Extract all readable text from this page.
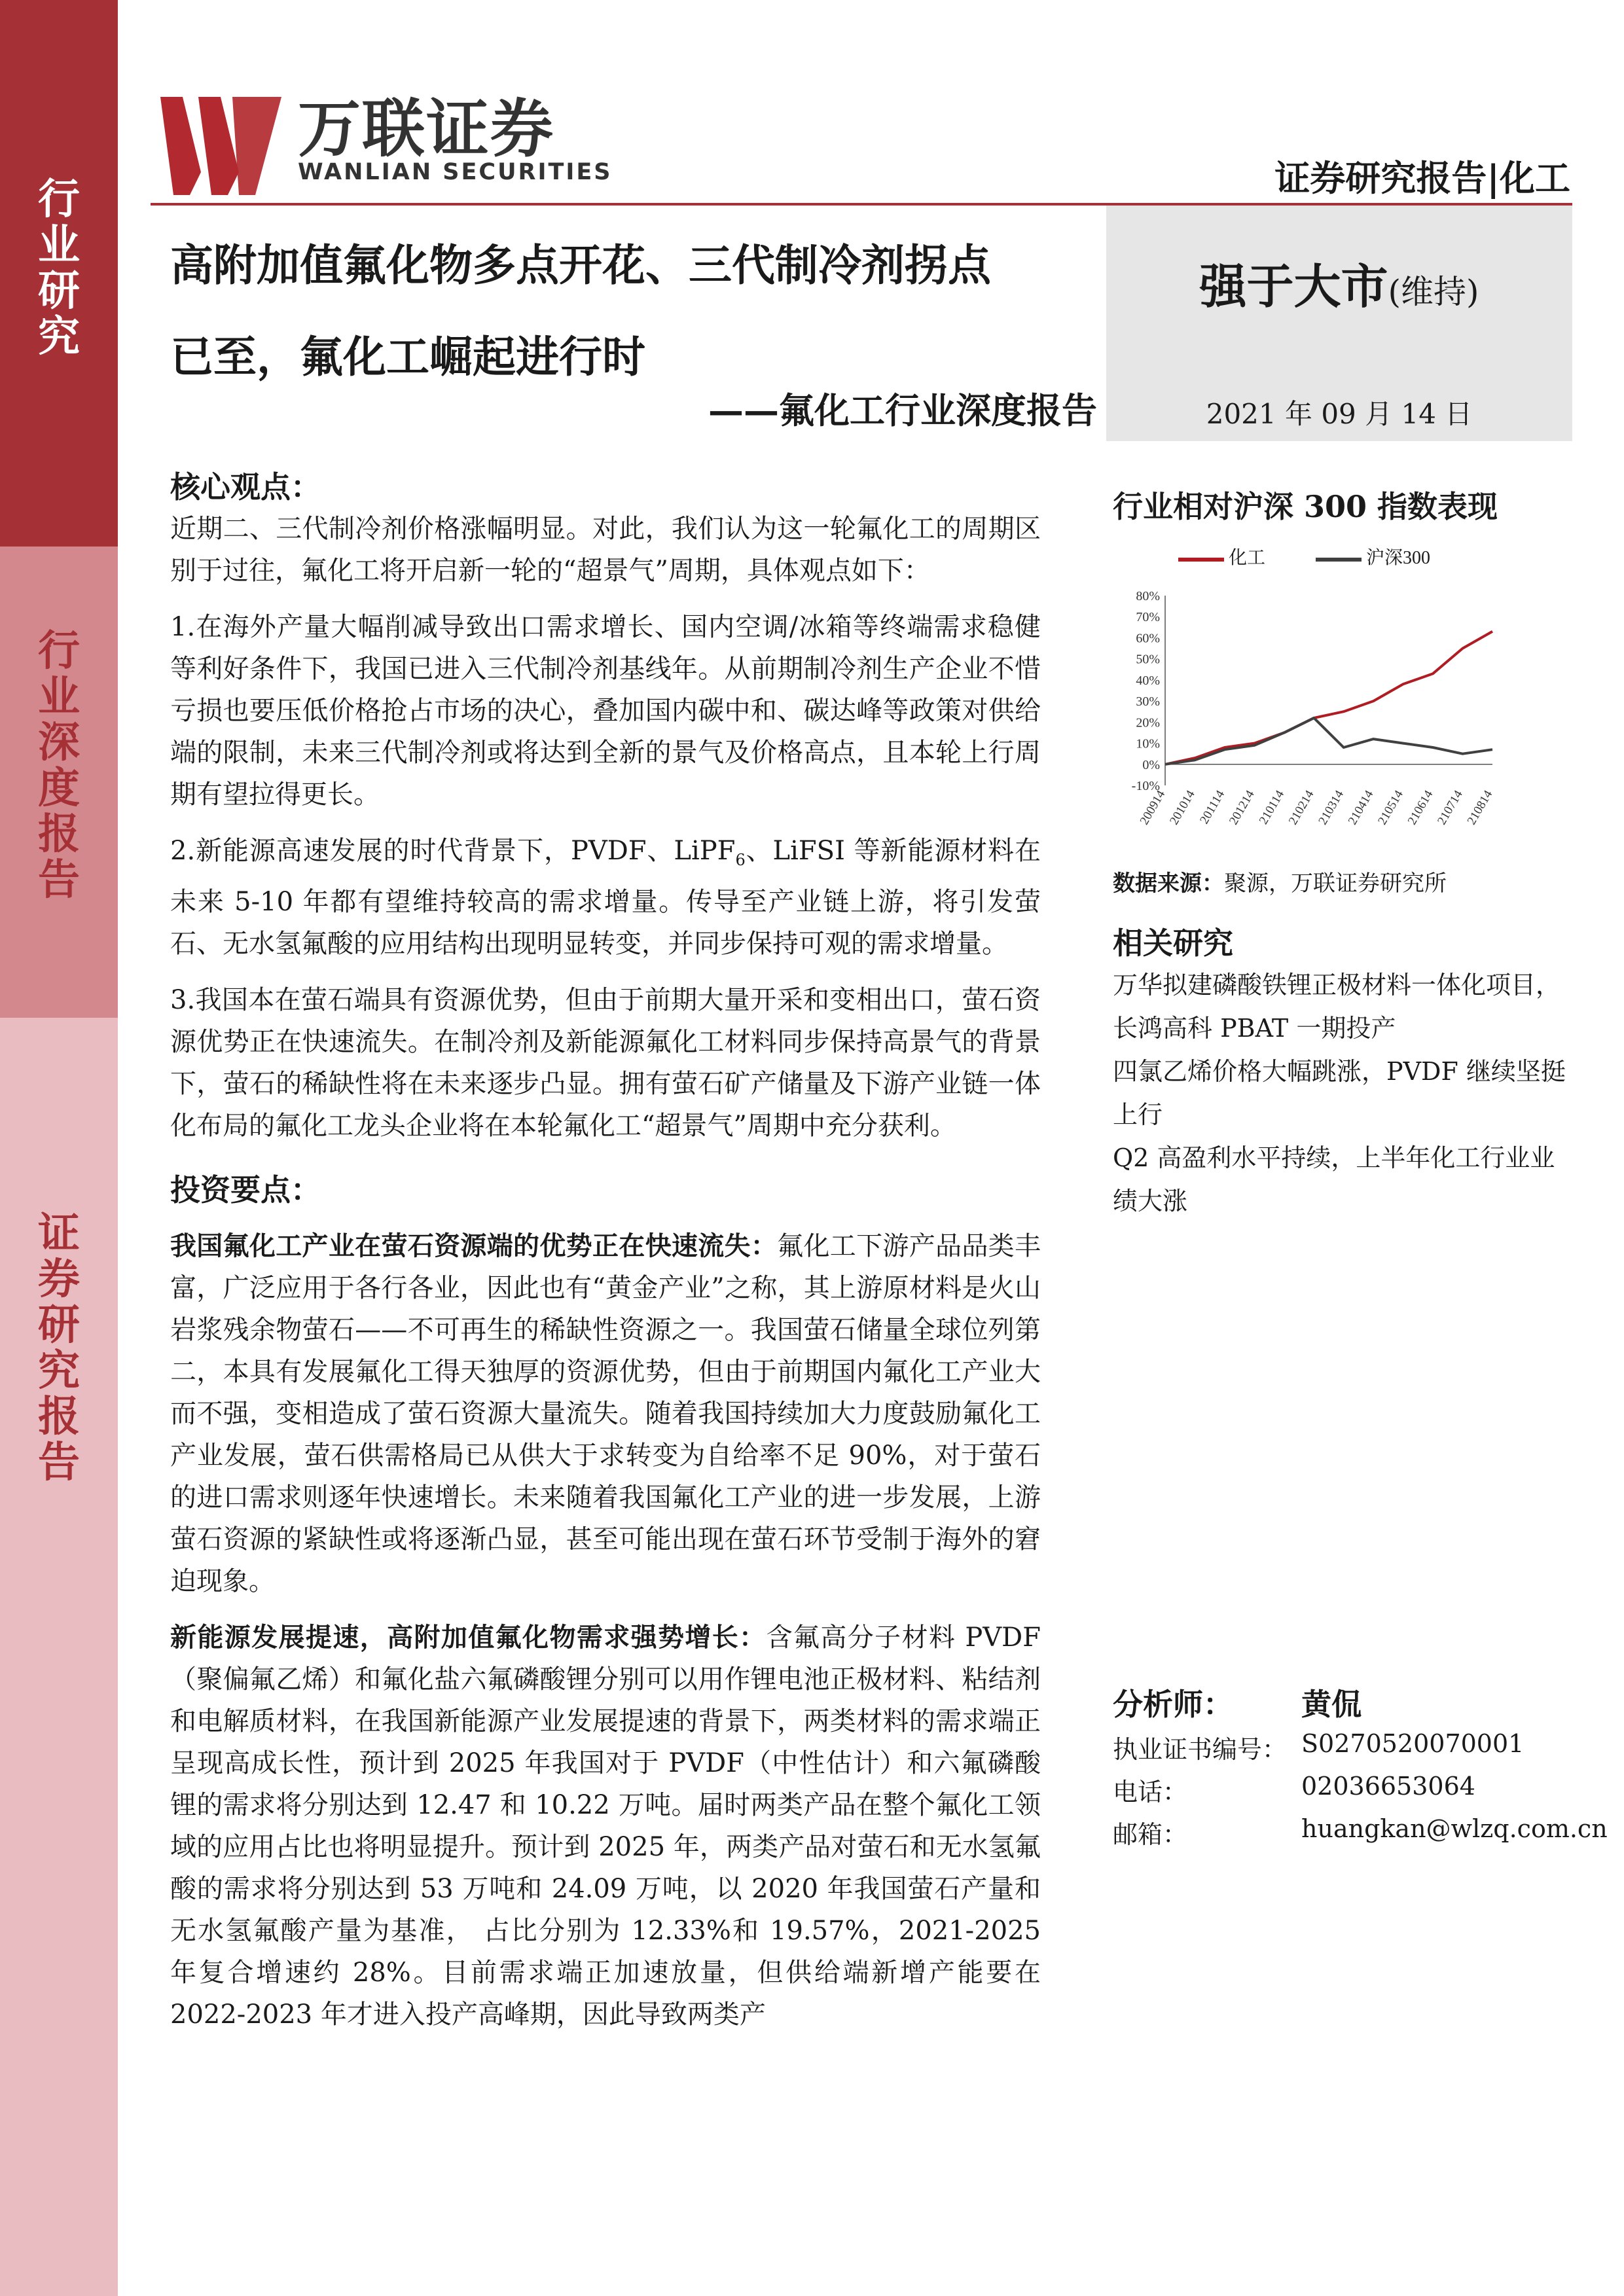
行
业
研
究
行
业
深
度
报
告
证
券
研
究
报
告
万联证券
WANLIAN SECURITIES	证券研究报告|化工
高附加值氟化物多点开花、三代制冷剂拐点
已至，氟化工崛起进行时
——氟化工行业深度报告
强于大市(维持)
2021 年 09 月 14 日
核心观点：

近期二、三代制冷剂价格涨幅明显。对此，我们认为这一轮氟化工的周期区别于过往，氟化工将开启新一轮的“超景气”周期，具体观点如下：

1.在海外产量大幅削减导致出口需求增长、国内空调/冰箱等终端需求稳健等利好条件下，我国已进入三代制冷剂基线年。从前期制冷剂生产企业不惜亏损也要压低价格抢占市场的决心，叠加国内碳中和、碳达峰等政策对供给端的限制，未来三代制冷剂或将达到全新的景气及价格高点，且本轮上行周期有望拉得更长。

2.新能源高速发展的时代背景下，PVDF、LiPF$_6$、LiFSI 等新能源材料在未来 5-10 年都有望维持较高的需求增量。传导至产业链上游，将引发萤石、无水氢氟酸的应用结构出现明显转变，并同步保持可观的需求增量。

3.我国本在萤石端具有资源优势，但由于前期大量开采和变相出口，萤石资源优势正在快速流失。在制冷剂及新能源氟化工材料同步保持高景气的背景下，萤石的稀缺性将在未来逐步凸显。拥有萤石矿产储量及下游产业链一体化布局的氟化工龙头企业将在本轮氟化工“超景气”周期中充分获利。

投资要点：

我国氟化工产业在萤石资源端的优势正在快速流失：氟化工下游产品品类丰富，广泛应用于各行各业，因此也有“黄金产业”之称，其上游原材料是火山岩浆残余物萤石——不可再生的稀缺性资源之一。我国萤石储量全球位列第二，本具有发展氟化工得天独厚的资源优势，但由于前期国内氟化工产业大而不强，变相造成了萤石资源大量流失。随着我国持续加大力度鼓励氟化工产业发展，萤石供需格局已从供大于求转变为自给率不足 90%，对于萤石的进口需求则逐年快速增长。未来随着我国氟化工产业的进一步发展，上游萤石资源的紧缺性或将逐渐凸显，甚至可能出现在萤石环节受制于海外的窘迫现象。

新能源发展提速，高附加值氟化物需求强势增长：含氟高分子材料 PVDF（聚偏氟乙烯）和氟化盐六氟磷酸锂分别可以用作锂电池正极材料、粘结剂和电解质材料，在我国新能源产业发展提速的背景下，两类材料的需求端正呈现高成长性，预计到 2025 年我国对于 PVDF（中性估计）和六氟磷酸锂的需求将分别达到 12.47 和 10.22 万吨。届时两类产品在整个氟化工领域的应用占比也将明显提升。预计到 2025 年，两类产品对萤石和无水氢氟酸的需求将分别达到 53 万吨和 24.09 万吨，以 2020 年我国萤石产量和无水氢氟酸产量为基准， 占比分别为 12.33%和 19.57%，2021-2025 年复合增速约 28%。目前需求端正加速放量，但供给端新增产能要在 2022-2023 年才进入投产高峰期，因此导致两类产

行业相对沪深 300 指数表现
化工	沪深300
80%
70%
60%
50%
40%
30%
20%
10%
0%
-10%
200914
201014 201114
201214 210114
210214
210314
210414
210514
210614
210714
210814
数据来源：聚源，万联证券研究所
相关研究
万华拟建磷酸铁锂正极材料一体化项目，长鸿高科 PBAT 一期投产
四氯乙烯价格大幅跳涨，PVDF 继续坚挺上行
Q2 高盈利水平持续，上半年化工行业业绩大涨
分析师： 黄侃
执业证书编号： S0270520070001
电话：	02036653064
邮箱：	huangkan@wlzq.com.cn
